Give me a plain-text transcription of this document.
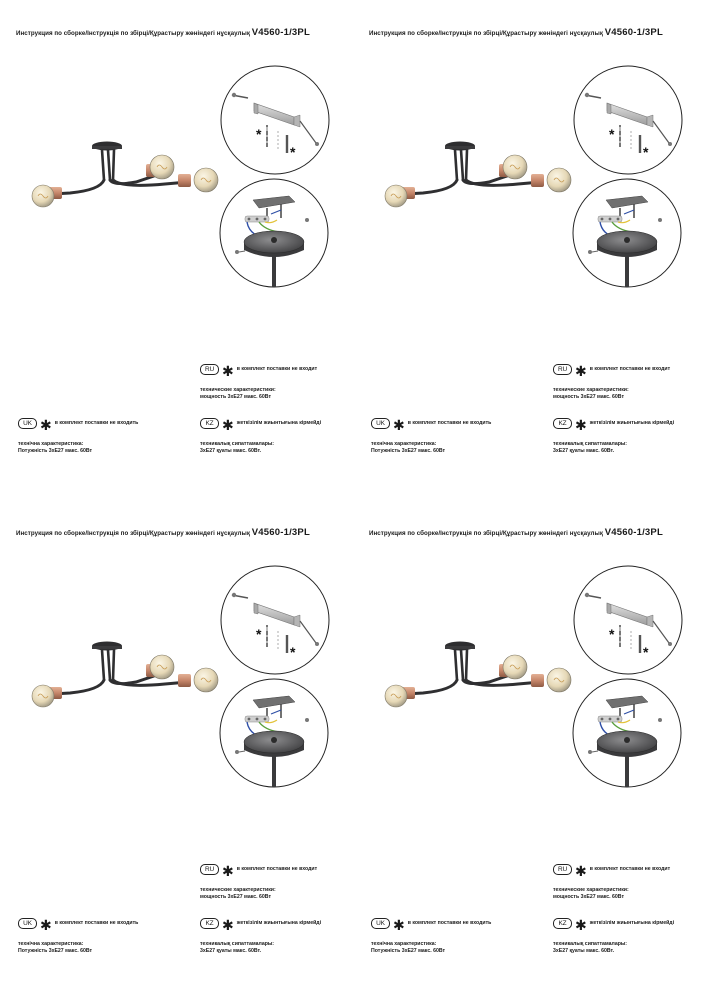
Инструкция по сборке/Інструкція по збірці/Құрастыру жөніндегі нұсқаулық V4560-1/3PL
RU ✱ в комплект поставки не входит
технические характеристики:
мощность 3хЕ27 макс. 60Вт
KZ ✱ жеткізілім жиынтығына кірмейді
техникалық сипаттамалары:
3хЕ27 қуаты макс. 60Вт.
UK ✱ в комплект поставки не входить
технічна характеристика:
Потужність 3хЕ27 макс. 60Вт
Инструкция по сборке/Інструкція по збірці/Құрастыру жөніндегі нұсқаулық V4560-1/3PL
RU ✱ в комплект поставки не входит
технические характеристики:
мощность 3хЕ27 макс. 60Вт
KZ ✱ жеткізілім жиынтығына кірмейді
техникалық сипаттамалары:
3хЕ27 қуаты макс. 60Вт.
UK ✱ в комплект поставки не входить
технічна характеристика:
Потужність 3хЕ27 макс. 60Вт
Инструкция по сборке/Інструкція по збірці/Құрастыру жөніндегі нұсқаулық V4560-1/3PL
RU ✱ в комплект поставки не входит
технические характеристики:
мощность 3хЕ27 макс. 60Вт
KZ ✱ жеткізілім жиынтығына кірмейді
техникалық сипаттамалары:
3хЕ27 қуаты макс. 60Вт.
UK ✱ в комплект поставки не входить
технічна характеристика:
Потужність 3хЕ27 макс. 60Вт
Инструкция по сборке/Інструкція по збірці/Құрастыру жөніндегі нұсқаулық V4560-1/3PL
RU ✱ в комплект поставки не входит
технические характеристики:
мощность 3хЕ27 макс. 60Вт
KZ ✱ жеткізілім жиынтығына кірмейді
техникалық сипаттамалары:
3хЕ27 қуаты макс. 60Вт.
UK ✱ в комплект поставки не входить
технічна характеристика:
Потужність 3хЕ27 макс. 60Вт
